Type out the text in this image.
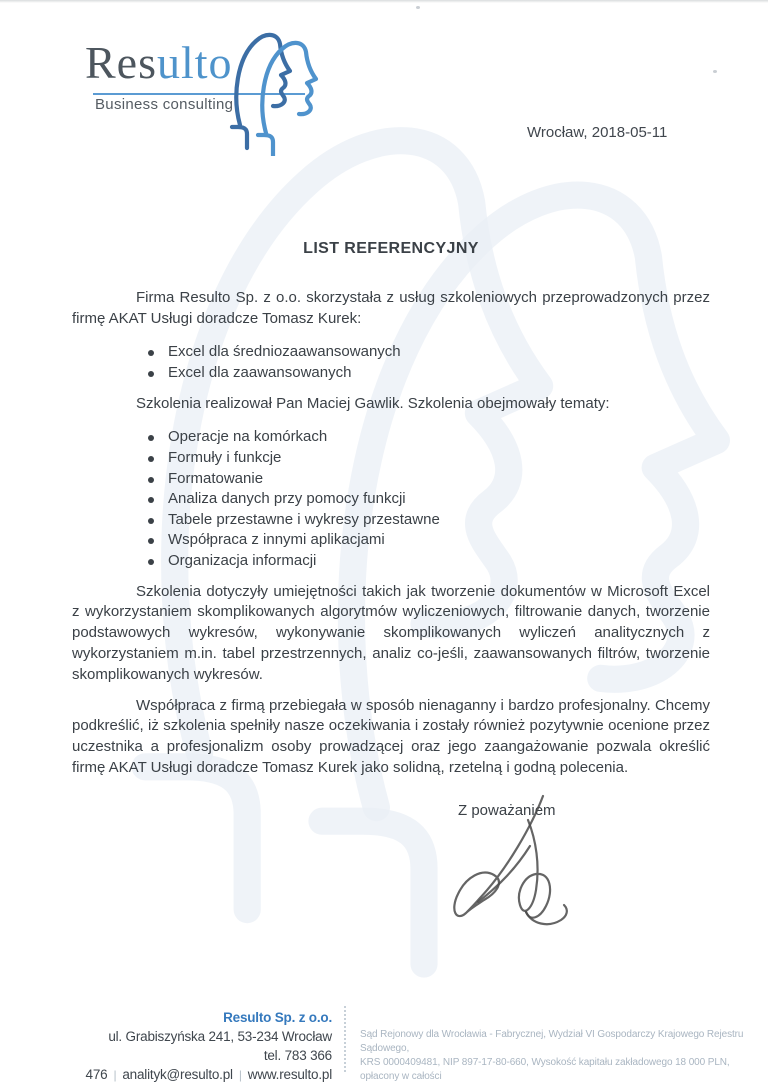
Resulto
Business consulting
Wrocław, 2018-05-11
LIST REFERENCYJNY

Firma Resulto Sp. z o.o. skorzystała z usług szkoleniowych przeprowadzonych przez firmę AKAT Usługi doradcze Tomasz Kurek:

Excel dla średniozaawansowanych
Excel dla zaawansowanych

Szkolenia realizował Pan Maciej Gawlik. Szkolenia obejmowały tematy:

Operacje na komórkach
Formuły i funkcje
Formatowanie
Analiza danych przy pomocy funkcji
Tabele przestawne i wykresy przestawne
Współpraca z innymi aplikacjami
Organizacja informacji

Szkolenia dotyczyły umiejętności takich jak tworzenie dokumentów w Microsoft Excel z wykorzystaniem skomplikowanych algorytmów wyliczeniowych, filtrowanie danych, tworzenie podstawowych wykresów, wykonywanie skomplikowanych wyliczeń analitycznych z wykorzystaniem m.in. tabel przestrzennych, analiz co-jeśli, zaawansowanych filtrów, tworzenie skomplikowanych wykresów.

Współpraca z firmą przebiegała w sposób nienaganny i bardzo profesjonalny. Chcemy podkreślić, iż szkolenia spełniły nasze oczekiwania i zostały również pozytywnie ocenione przez uczestnika a profesjonalizm osoby prowadzącej oraz jego zaangażowanie pozwala określić firmę AKAT Usługi doradcze Tomasz Kurek jako solidną, rzetelną i godną polecenia.

Z poważaniem

Resulto Sp. z o.o.
ul. Grabiszyńska 241, 53-234 Wrocław
tel. 783 366 476 | analityk@resulto.pl | www.resulto.pl
Sąd Rejonowy dla Wrocławia - Fabrycznej, Wydział VI Gospodarczy Krajowego Rejestru Sądowego,
KRS 0000409481, NIP 897-17-80-660, Wysokość kapitału zakładowego 18 000 PLN, opłacony w całości
